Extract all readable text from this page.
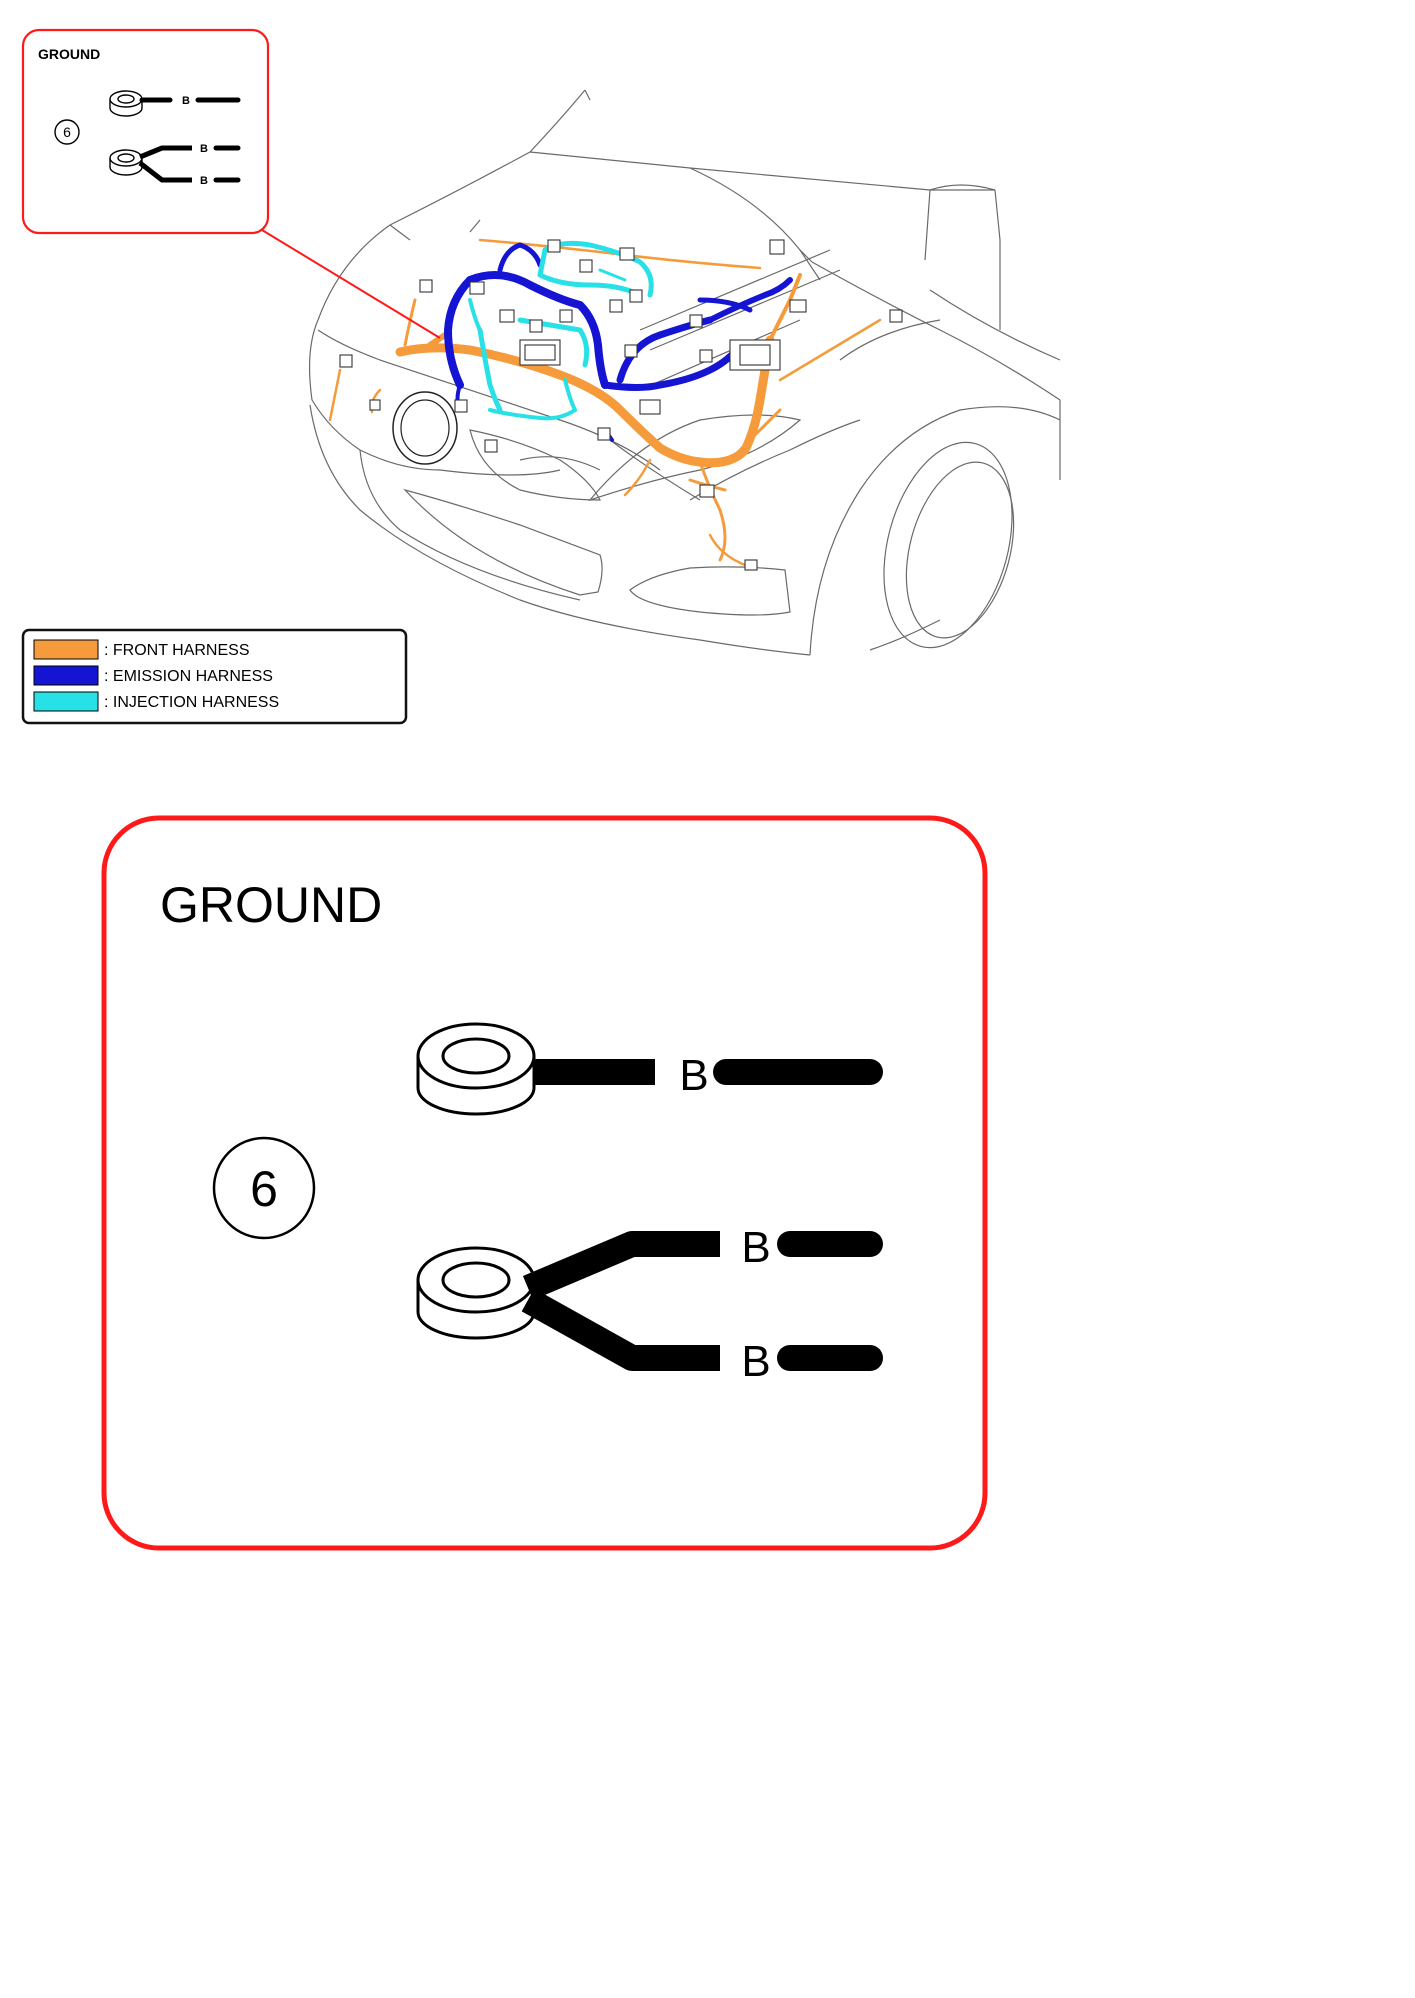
GROUND
6
B
B
B
: FRONT HARNESS
: EMISSION HARNESS
: INJECTION HARNESS
GROUND
6
B
B
B
